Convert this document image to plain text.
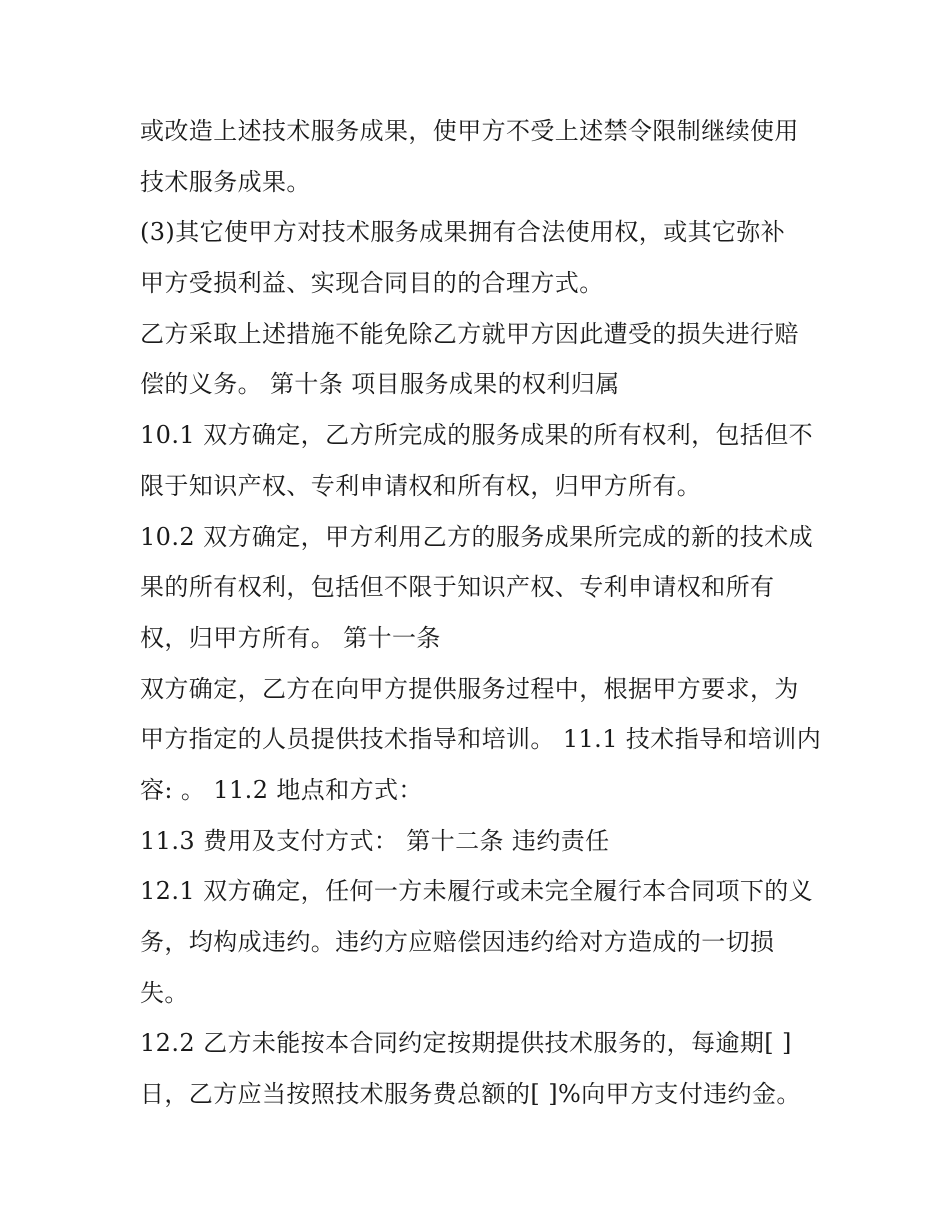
或改造上述技术服务成果，使甲方不受上述禁令限制继续使用
技术服务成果。
(3)其它使甲方对技术服务成果拥有合法使用权，或其它弥补
甲方受损利益、实现合同目的的合理方式。
乙方采取上述措施不能免除乙方就甲方因此遭受的损失进行赔
偿的义务。 第十条 项目服务成果的权利归属
10.1 双方确定，乙方所完成的服务成果的所有权利，包括但不
限于知识产权、专利申请权和所有权，归甲方所有。
10.2 双方确定，甲方利用乙方的服务成果所完成的新的技术成
果的所有权利，包括但不限于知识产权、专利申请权和所有
权，归甲方所有。 第十一条
双方确定，乙方在向甲方提供服务过程中，根据甲方要求，为
甲方指定的人员提供技术指导和培训。 11.1 技术指导和培训内
容: 。 11.2 地点和方式：
11.3 费用及支付方式： 第十二条 违约责任
12.1 双方确定，任何一方未履行或未完全履行本合同项下的义
务，均构成违约。违约方应赔偿因违约给对方造成的一切损
失。
12.2 乙方未能按本合同约定按期提供技术服务的，每逾期[ ]
日，乙方应当按照技术服务费总额的[ ]%向甲方支付违约金。
